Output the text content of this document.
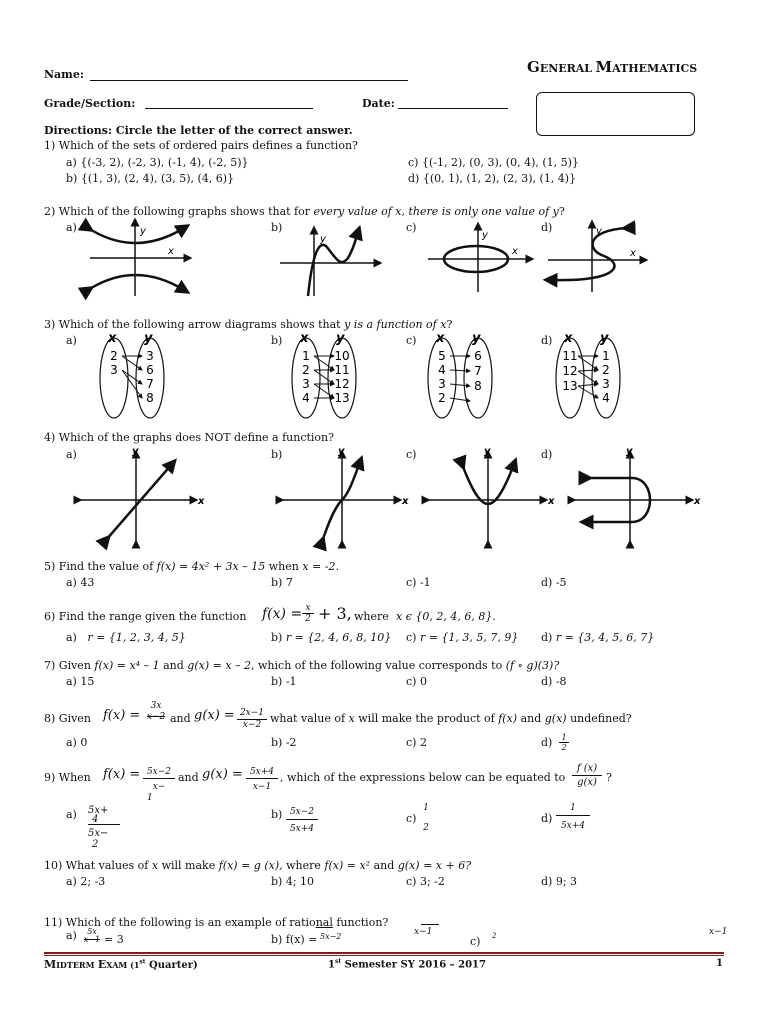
GENERAL MATHEMATICS
Name:
Grade/Section:	Date:
Directions: Circle the letter of the correct answer.
1) Which of the sets of ordered pairs defines a function?
a) {(-3, 2), (-2, 3), (-1, 4), (-2, 5)}
b) {(1, 3), (2, 4), (3, 5), (4, 6)}
c) {(-1, 2), (0, 3), (0, 4), (1, 5)}
d) {(0, 1), (1, 2), (2, 3), (1, 4)}
2) Which of the following graphs shows that for every value of x, there is only one value of y?
a)	b)	c)	d)
y
x
y	y
x
y
x
3) Which of the following arrow diagrams shows that y is a function of x?
a)	b)	c)	d)
x y
2
3
3
6
7
8
x y
1
2
3
4
10
11
12
13
x y
5
4
3
2
6
7
8
x y
11
12
13
1
2
3
4
4) Which of the graphs does NOT define a function?
a)	b)	c)	d)
y
x
y
x
y
x
y
x
5) Find the value of f(x) = 4x² + 3x – 15 when x = -2.
a) 43	b) 7	c) -1	d) -5
6) Find the range given the function $f(x) = \frac{x}{2} + 3$, where x ϵ {0, 2, 4, 6, 8}.
a) r = {1, 2, 3, 4, 5}	b) r = {2, 4, 6, 8, 10} c) r = {1, 3, 5, 7, 9} d) r = {3, 4, 5, 6, 7}
7) Given f(x) = x⁴ – 1 and g(x) = x – 2, which of the following value corresponds to (f ∘ g)(3)?
a) 15	b) -1	c) 0	d) -8
8) Given f(x) =
3x
x−2 and $g(x) = \frac{2x-1}{x-2}$ what value of x will make the product of f(x) and g(x) undefined?
a) 0	b) -2	c) 2	$d) \frac{1}{2}$
9) When f(x) = 5x−2
x−
1
and $g(x) = \frac{5x+4}{x-1}$ , which of the expressions below can be equated to $\frac{f (x)}{g(x)}$ ?
a) 5x+
4
5x−
2
$b) \frac{5x-2}{5x+4}$	c)
1
2
$d) \frac{1}{5x+4}$
10) What values of x will make f(x) = g (x), where f(x) = x² and g(x) = x + 6?
a) 2; -3	b) 4; 10	c) 3; -2	d) 9; 3
11) Which of the following is an example of rational function?
a)	5x
x−1 = 3	b) f(x) = 5x−2	x−1
c) 2	x−1
MIDTERM EXAM (1st Quarter)	1st Semester SY 2016 – 2017	1
